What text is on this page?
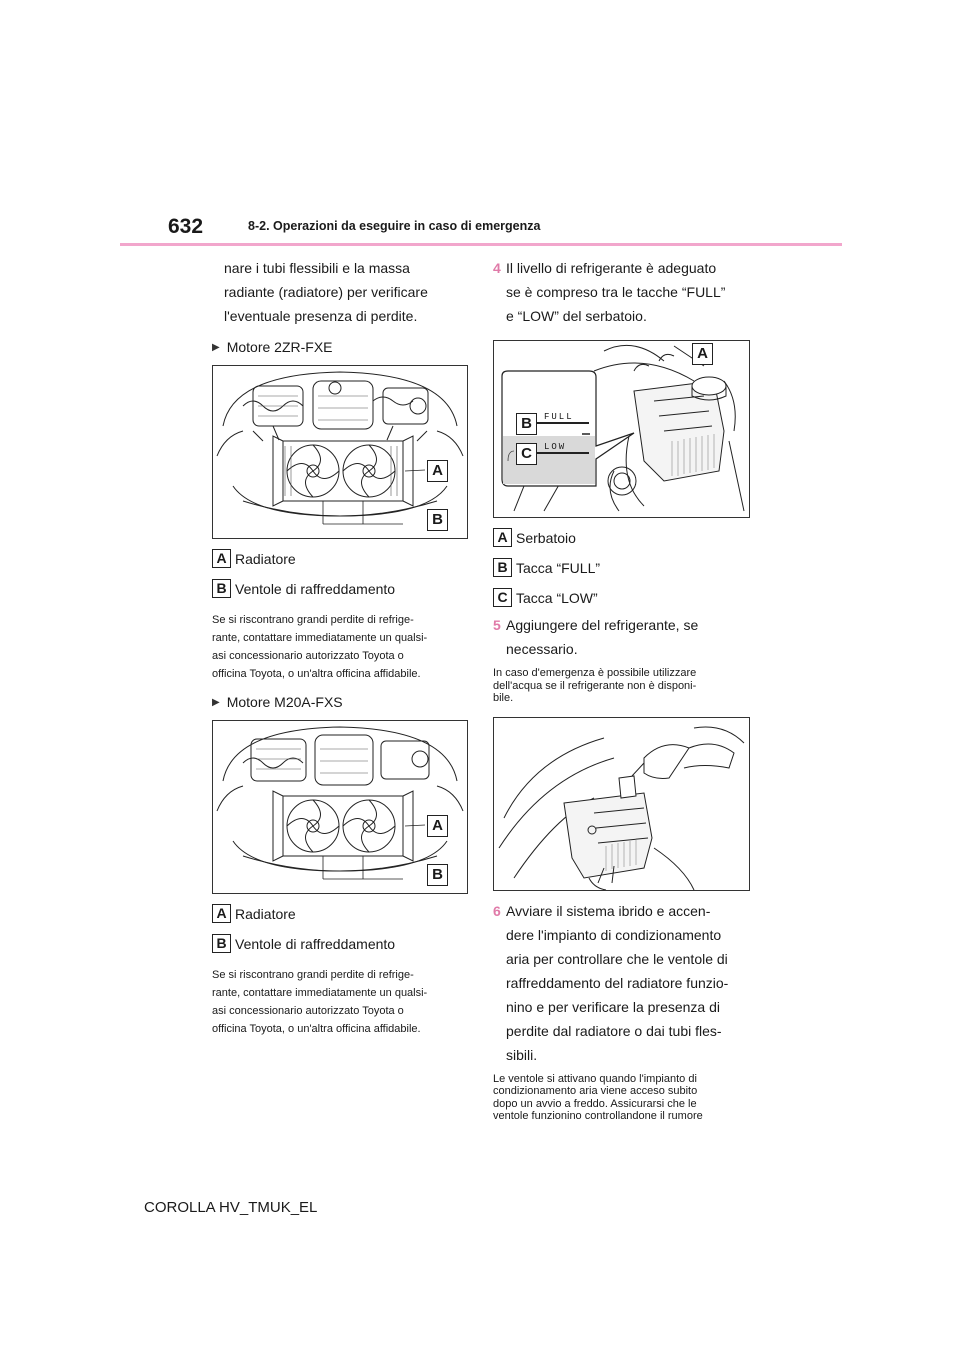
632	8-2. Operazioni da eseguire in caso di emergenza

nare i tubi flessibili e la massa

radiante (radiatore) per verificare

l'eventuale presenza di perdite.

▶ Motore 2ZR-FXE
A
B
A Radiatore
B Ventole di raffreddamento

Se si riscontrano grandi perdite di refrige-

rante, contattare immediatamente un qualsi-

asi concessionario autorizzato Toyota o

officina Toyota, o un'altra officina affidabile.

▶ Motore M20A-FXS
A
B
A Radiatore
B Ventole di raffreddamento

Se si riscontrano grandi perdite di refrige-

rante, contattare immediatamente un qualsi-

asi concessionario autorizzato Toyota o

officina Toyota, o un'altra officina affidabile.

4 Il livello di refrigerante è adeguato
se è compreso tra le tacche “FULL”
e “LOW” del serbatoio.
FULL
LOW
A
B
C
A Serbatoio
B Tacca “FULL”
C Tacca “LOW”
5 Aggiungere del refrigerante, se
necessario.

In caso d'emergenza è possibile utilizzare

dell'acqua se il refrigerante non è disponi-

bile.

6 Avviare il sistema ibrido e accen-
dere l'impianto di condizionamento
aria per controllare che le ventole di
raffreddamento del radiatore funzio-
nino e per verificare la presenza di
perdite dal radiatore o dai tubi fles-
sibili.

Le ventole si attivano quando l'impianto di

condizionamento aria viene acceso subito

dopo un avvio a freddo. Assicurarsi che le

ventole funzionino controllandone il rumore

COROLLA HV_TMUK_EL
